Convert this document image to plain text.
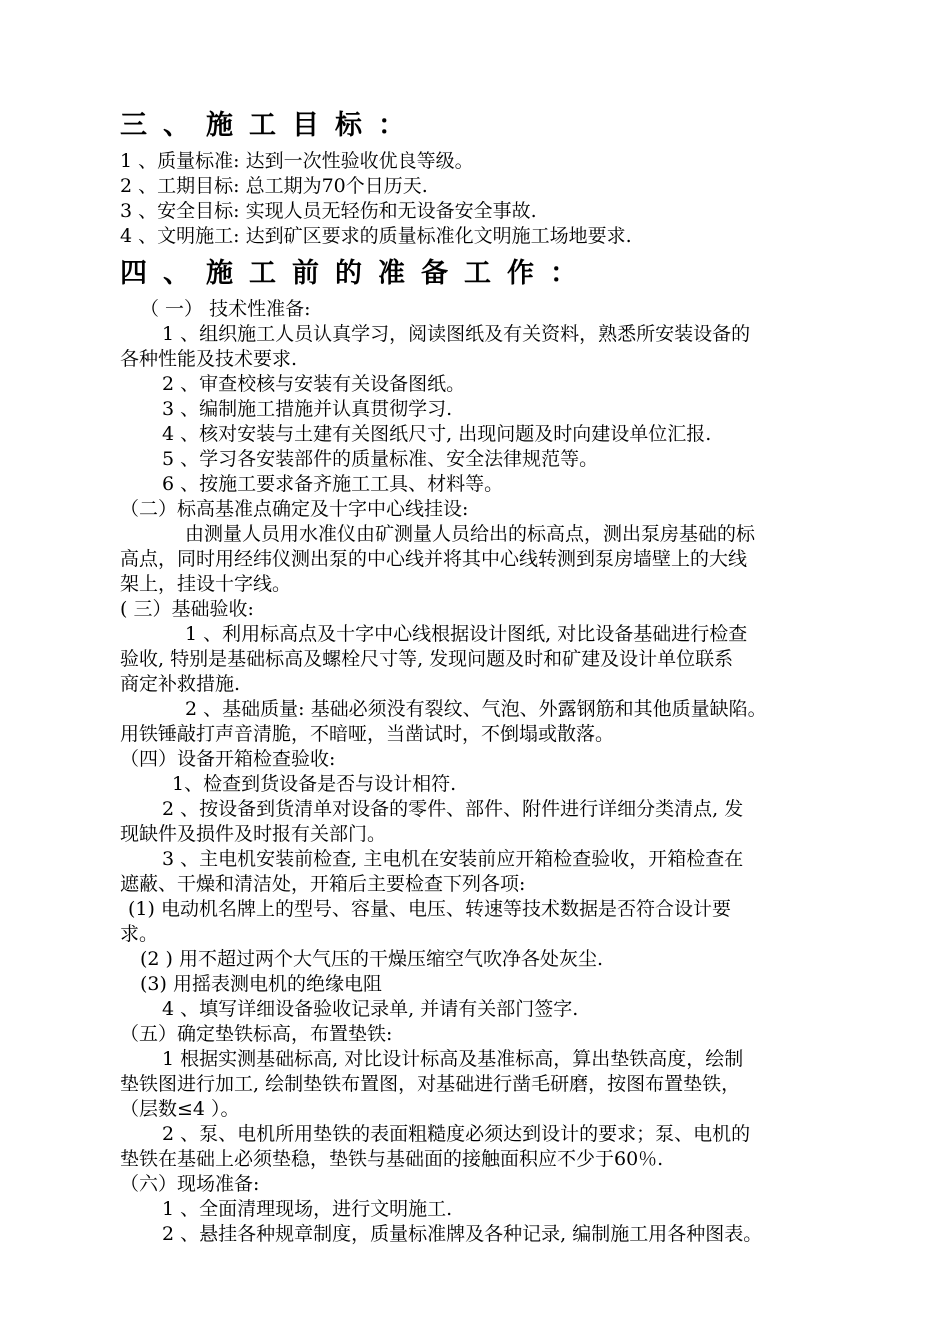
三、施工目标：
1 、质量标准: 达到一次性验收优良等级。
2 、工期目标: 总工期为70个日历天.
3 、安全目标: 实现人员无轻伤和无设备安全事故.
4 、文明施工: 达到矿区要求的质量标准化文明施工场地要求.
四、施工前的准备工作：
（ 一） 技术性准备:
1 、组织施工人员认真学习，阅读图纸及有关资料，熟悉所安装设备的
各种性能及技术要求.
2 、审查校核与安装有关设备图纸。
3 、编制施工措施并认真贯彻学习.
4 、核对安装与土建有关图纸尺寸, 出现问题及时向建设单位汇报.
5 、学习各安装部件的质量标准、安全法律规范等。
6 、按施工要求备齐施工工具、材料等。
（二）标高基准点确定及十字中心线挂设:
由测量人员用水准仪由矿测量人员给出的标高点，测出泵房基础的标
高点，同时用经纬仪测出泵的中心线并将其中心线转测到泵房墙壁上的大线
架上，挂设十字线。
( 三）基础验收:
1 、利用标高点及十字中心线根据设计图纸, 对比设备基础进行检查
验收, 特别是基础标高及螺栓尺寸等, 发现问题及时和矿建及设计单位联系
商定补救措施.
2 、基础质量: 基础必须没有裂纹、气泡、外露钢筋和其他质量缺陷。
用铁锤敲打声音清脆，不暗哑，当凿试时，不倒塌或散落。
（四）设备开箱检查验收:
1、检查到货设备是否与设计相符.
2 、按设备到货清单对设备的零件、部件、附件进行详细分类清点, 发
现缺件及损件及时报有关部门。
3 、主电机安装前检查, 主电机在安装前应开箱检查验收，开箱检查在
遮蔽、干燥和清洁处，开箱后主要检查下列各项:
(1) 电动机名牌上的型号、容量、电压、转速等技术数据是否符合设计要
求。
(2 ) 用不超过两个大气压的干燥压缩空气吹净各处灰尘.
(3) 用摇表测电机的绝缘电阻
4 、填写详细设备验收记录单, 并请有关部门签字.
（五）确定垫铁标高，布置垫铁:
1 根据实测基础标高, 对比设计标高及基准标高，算出垫铁高度，绘制
垫铁图进行加工, 绘制垫铁布置图，对基础进行凿毛研磨，按图布置垫铁，
（层数≤4 ）。
2 、泵、电机所用垫铁的表面粗糙度必须达到设计的要求；泵、电机的
垫铁在基础上必须垫稳，垫铁与基础面的接触面积应不少于60％.
（六）现场准备:
1 、全面清理现场，进行文明施工.
2 、悬挂各种规章制度，质量标准牌及各种记录, 编制施工用各种图表。
